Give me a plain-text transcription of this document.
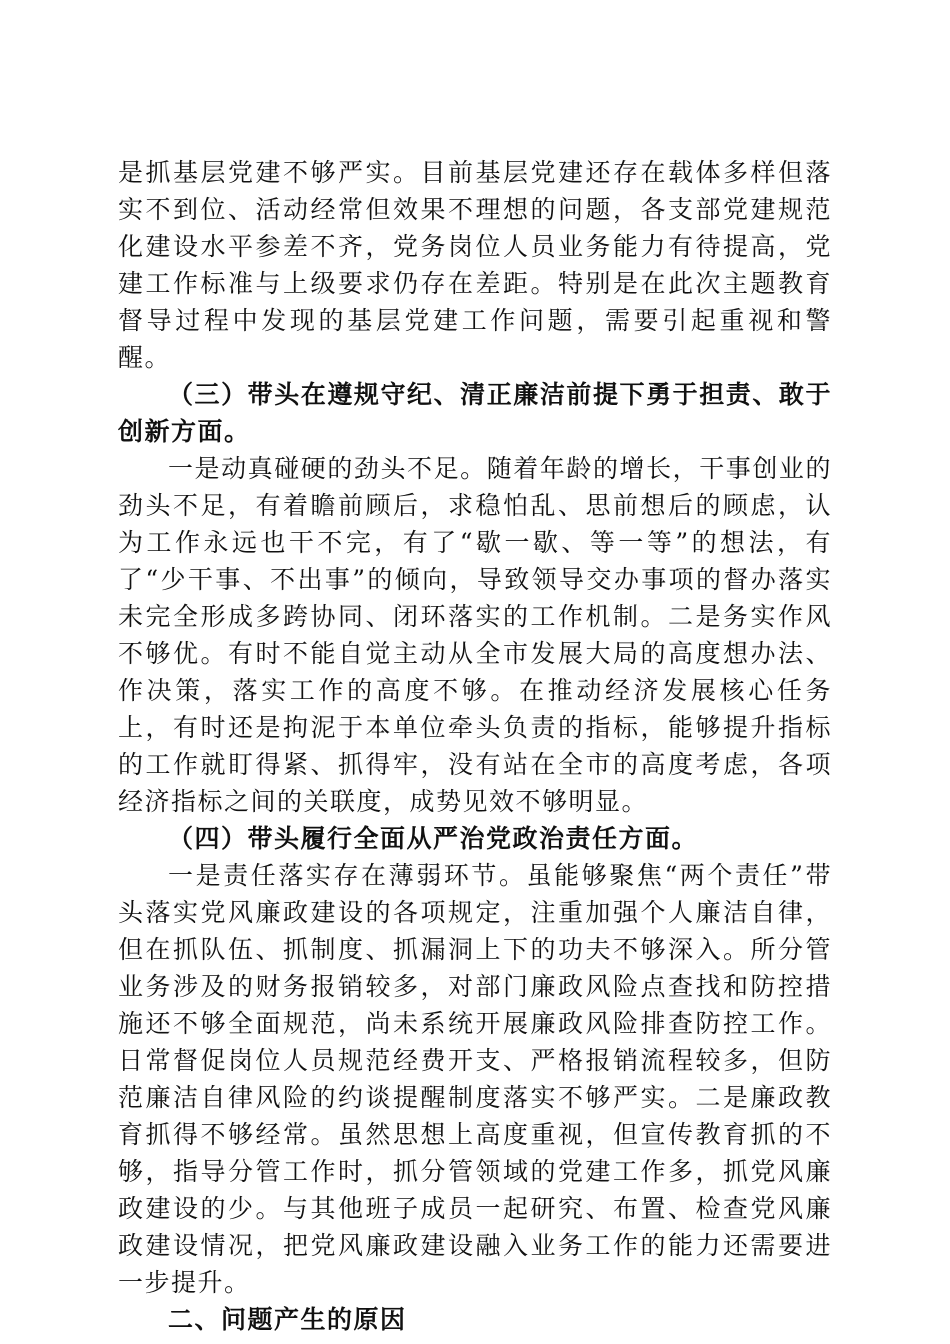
是抓基层党建不够严实。目前基层党建还存在载体多样但落实不到位、活动经常但效果不理想的问题，各支部党建规范化建设水平参差不齐，党务岗位人员业务能力有待提高，党建工作标准与上级要求仍存在差距。特别是在此次主题教育督导过程中发现的基层党建工作问题，需要引起重视和警醒。

（三）带头在遵规守纪、清正廉洁前提下勇于担责、敢于创新方面。

一是动真碰硬的劲头不足。随着年龄的增长，干事创业的劲头不足，有着瞻前顾后，求稳怕乱、思前想后的顾虑，认为工作永远也干不完，有了“歇一歇、等一等”的想法，有了“少干事、不出事”的倾向，导致领导交办事项的督办落实未完全形成多跨协同、闭环落实的工作机制。二是务实作风不够优。有时不能自觉主动从全市发展大局的高度想办法、作决策，落实工作的高度不够。在推动经济发展核心任务上，有时还是拘泥于本单位牵头负责的指标，能够提升指标的工作就盯得紧、抓得牢，没有站在全市的高度考虑，各项经济指标之间的关联度，成势见效不够明显。

（四）带头履行全面从严治党政治责任方面。

一是责任落实存在薄弱环节。虽能够聚焦“两个责任”带头落实党风廉政建设的各项规定，注重加强个人廉洁自律，但在抓队伍、抓制度、抓漏洞上下的功夫不够深入。所分管业务涉及的财务报销较多，对部门廉政风险点查找和防控措施还不够全面规范，尚未系统开展廉政风险排查防控工作。日常督促岗位人员规范经费开支、严格报销流程较多，但防范廉洁自律风险的约谈提醒制度落实不够严实。二是廉政教育抓得不够经常。虽然思想上高度重视，但宣传教育抓的不够，指导分管工作时，抓分管领域的党建工作多，抓党风廉政建设的少。与其他班子成员一起研究、布置、检查党风廉政建设情况，把党风廉政建设融入业务工作的能力还需要进一步提升。

二、问题产生的原因
